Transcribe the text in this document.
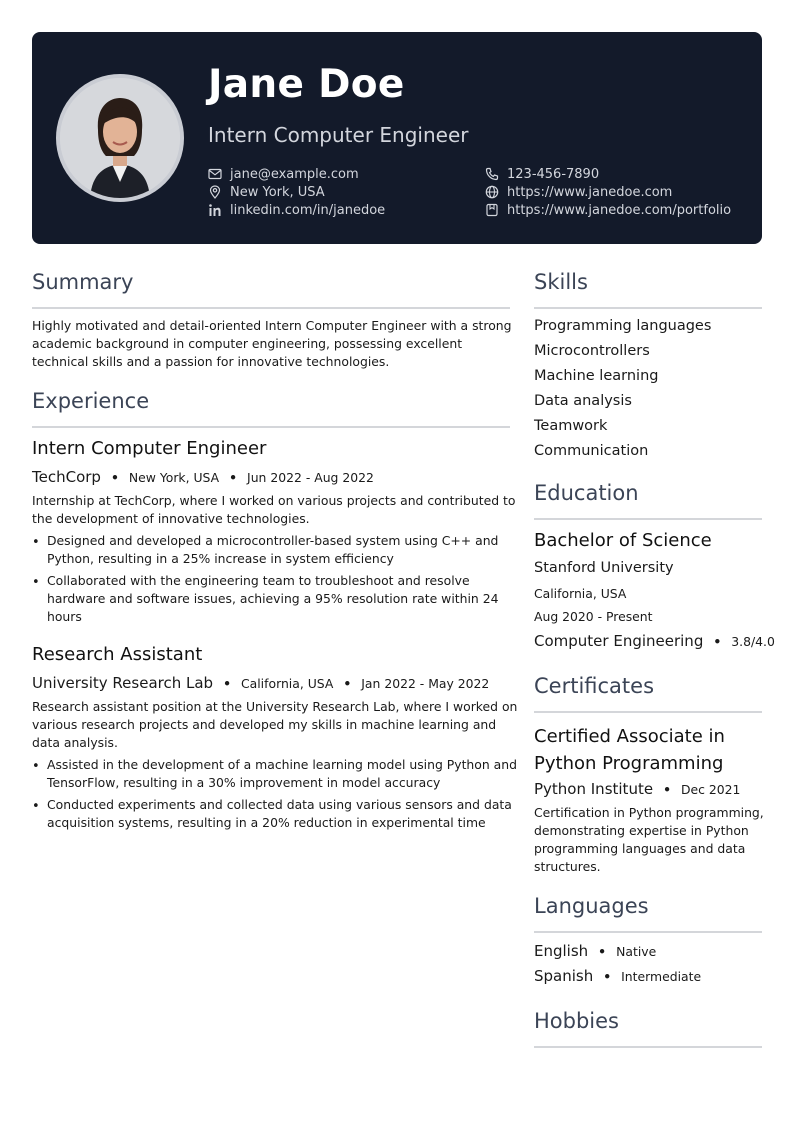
Jane Doe
Intern Computer Engineer
jane@example.com
New York, USA
linkedin.com/in/janedoe
123-456-7890
https://www.janedoe.com
https://www.janedoe.com/portfolio
Summary
Highly motivated and detail-oriented Intern Computer Engineer with a strong
academic background in computer engineering, possessing excellent
technical skills and a passion for innovative technologies.
Experience
Intern Computer Engineer
TechCorp • New York, USA • Jun 2022 - Aug 2022
Internship at TechCorp, where I worked on various projects and contributed to
the development of innovative technologies.
• Designed and developed a microcontroller-based system using C++ and
Python, resulting in a 25% increase in system efficiency
• Collaborated with the engineering team to troubleshoot and resolve
hardware and software issues, achieving a 95% resolution rate within 24
hours
Research Assistant
University Research Lab • California, USA • Jan 2022 - May 2022
Research assistant position at the University Research Lab, where I worked on
various research projects and developed my skills in machine learning and
data analysis.
• Assisted in the development of a machine learning model using Python and
TensorFlow, resulting in a 30% improvement in model accuracy
• Conducted experiments and collected data using various sensors and data
acquisition systems, resulting in a 20% reduction in experimental time
Skills
Programming languages
Microcontrollers
Machine learning
Data analysis
Teamwork
Communication
Education
Bachelor of Science
Stanford University
California, USA
Aug 2020 - Present
Computer Engineering • 3.8/4.0
Certificates
Certified Associate in
Python Programming
Python Institute • Dec 2021
Certification in Python programming,
demonstrating expertise in Python
programming languages and data
structures.
Languages
English • Native
Spanish • Intermediate
Hobbies
